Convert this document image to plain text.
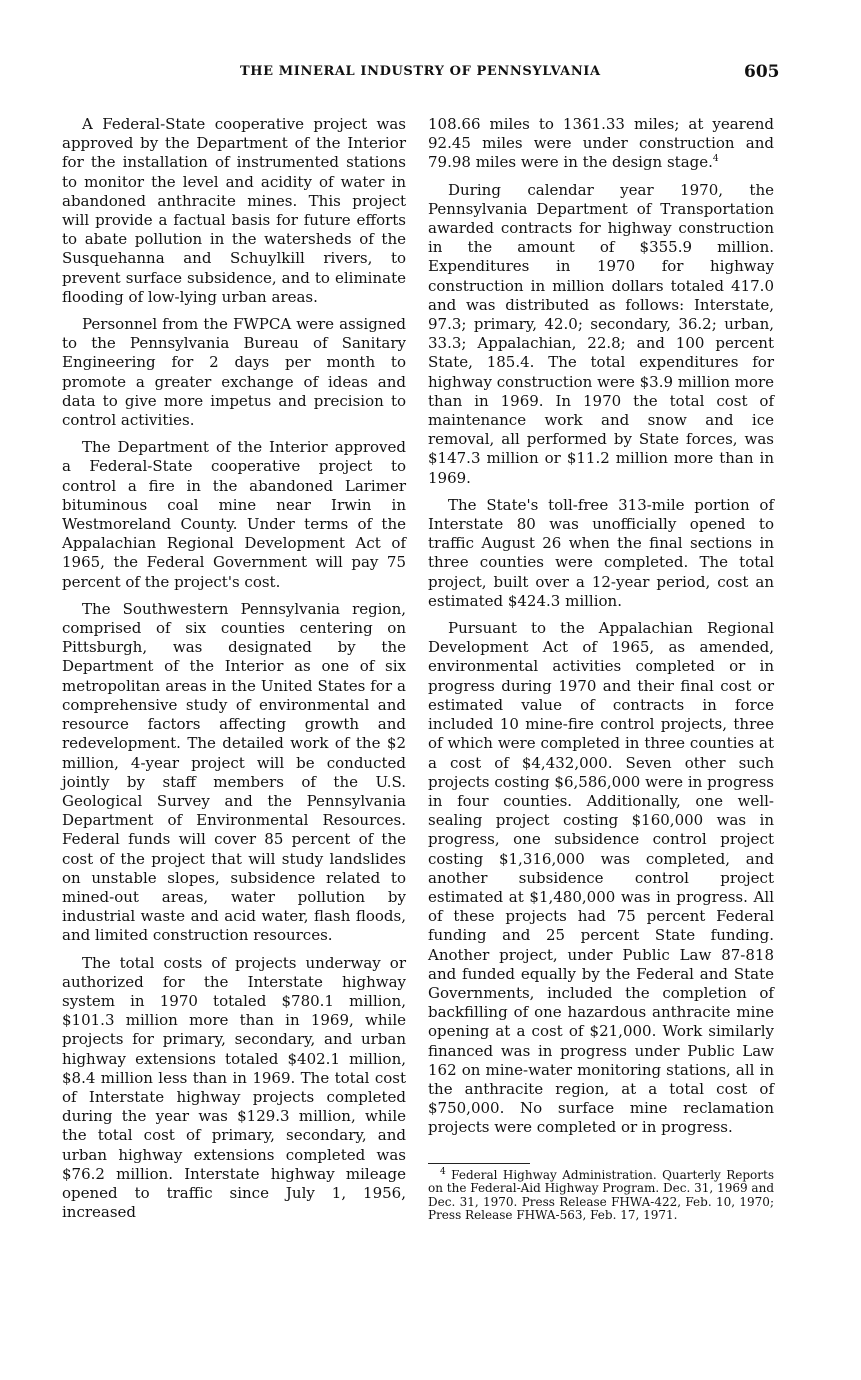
THE MINERAL INDUSTRY OF PENNSYLVANIA	605

A Federal-State cooperative project was approved by the Department of the Interior for the installation of instrumented stations to monitor the level and acidity of water in abandoned anthracite mines. This project will provide a factual basis for future efforts to abate pollution in the watersheds of the Susquehanna and Schuylkill rivers, to prevent surface subsidence, and to eliminate flooding of low-lying urban areas.

Personnel from the FWPCA were assigned to the Pennsylvania Bureau of Sanitary Engineering for 2 days per month to promote a greater exchange of ideas and data to give more impetus and precision to control activities.

The Department of the Interior approved a Federal-State cooperative project to control a fire in the abandoned Larimer bituminous coal mine near Irwin in Westmoreland County. Under terms of the Appalachian Regional Development Act of 1965, the Federal Government will pay 75 percent of the project's cost.

The Southwestern Pennsylvania region, comprised of six counties centering on Pittsburgh, was designated by the Department of the Interior as one of six metropolitan areas in the United States for a comprehensive study of environmental and resource factors affecting growth and redevelopment. The detailed work of the $2 million, 4-year project will be conducted jointly by staff members of the U.S. Geological Survey and the Pennsylvania Department of Environmental Resources. Federal funds will cover 85 percent of the cost of the project that will study landslides on unstable slopes, subsidence related to mined-out areas, water pollution by industrial waste and acid water, flash floods, and limited construction resources.

The total costs of projects underway or authorized for the Interstate highway system in 1970 totaled $780.1 million, $101.3 million more than in 1969, while projects for primary, secondary, and urban highway extensions totaled $402.1 million, $8.4 million less than in 1969. The total cost of Interstate highway projects completed during the year was $129.3 million, while the total cost of primary, secondary, and urban highway extensions completed was $76.2 million. Interstate highway mileage opened to traffic since July 1, 1956, increased

108.66 miles to 1361.33 miles; at yearend 92.45 miles were under construction and 79.98 miles were in the design stage.$^4$

During calendar year 1970, the Pennsylvania Department of Transportation awarded contracts for highway construction in the amount of $355.9 million. Expenditures in 1970 for highway construction in million dollars totaled 417.0 and was distributed as follows: Interstate, 97.3; primary, 42.0; secondary, 36.2; urban, 33.3; Appalachian, 22.8; and 100 percent State, 185.4. The total expenditures for highway construction were $3.9 million more than in 1969. In 1970 the total cost of maintenance work and snow and ice removal, all performed by State forces, was $147.3 million or $11.2 million more than in 1969.

The State's toll-free 313-mile portion of Interstate 80 was unofficially opened to traffic August 26 when the final sections in three counties were completed. The total project, built over a 12-year period, cost an estimated $424.3 million.

Pursuant to the Appalachian Regional Development Act of 1965, as amended, environmental activities completed or in progress during 1970 and their final cost or estimated value of contracts in force included 10 mine-fire control projects, three of which were completed in three counties at a cost of $4,432,000. Seven other such projects costing $6,586,000 were in progress in four counties. Additionally, one well-sealing project costing $160,000 was in progress, one subsidence control project costing $1,316,000 was completed, and another subsidence control project estimated at $1,480,000 was in progress. All of these projects had 75 percent Federal funding and 25 percent State funding. Another project, under Public Law 87-818 and funded equally by the Federal and State Governments, included the completion of backfilling of one hazardous anthracite mine opening at a cost of $21,000. Work similarly financed was in progress under Public Law 162 on mine-water monitoring stations, all in the anthracite region, at a total cost of $750,000. No surface mine reclamation projects were completed or in progress.

$^4$ Federal Highway Administration. Quarterly Reports on the Federal-Aid Highway Program. Dec. 31, 1969 and Dec. 31, 1970. Press Release FHWA-422, Feb. 10, 1970; Press Release FHWA-563, Feb. 17, 1971.
